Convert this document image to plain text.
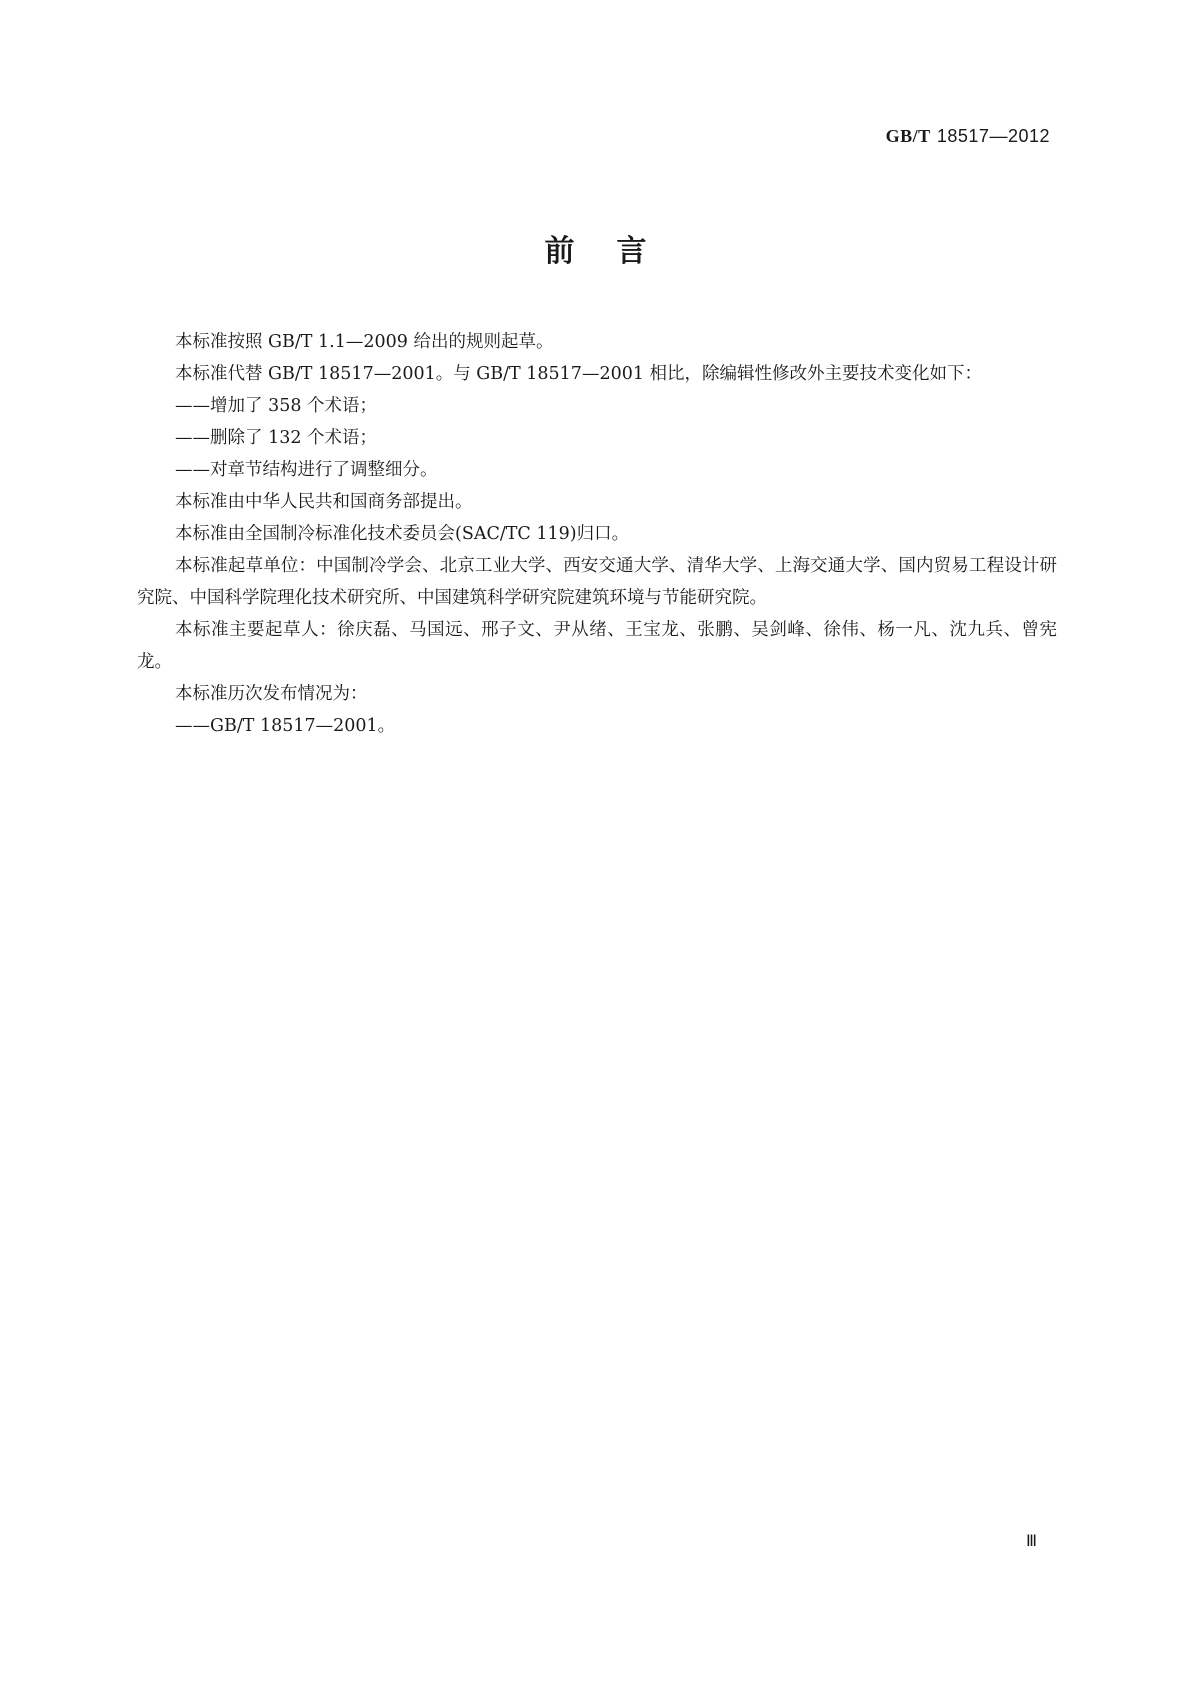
GB/T 18517—2012
前言

本标准按照 GB/T 1.1—2009 给出的规则起草。

本标准代替 GB/T 18517—2001。与 GB/T 18517—2001 相比，除编辑性修改外主要技术变化如下：

——增加了 358 个术语；

——删除了 132 个术语；

——对章节结构进行了调整细分。

本标准由中华人民共和国商务部提出。

本标准由全国制冷标准化技术委员会(SAC/TC 119)归口。

本标准起草单位：中国制冷学会、北京工业大学、西安交通大学、清华大学、上海交通大学、国内贸易工程设计研究院、中国科学院理化技术研究所、中国建筑科学研究院建筑环境与节能研究院。

本标准主要起草人：徐庆磊、马国远、邢子文、尹从绪、王宝龙、张鹏、吴剑峰、徐伟、杨一凡、沈九兵、曾宪龙。

本标准历次发布情况为：

——GB/T 18517—2001。

Ⅲ
